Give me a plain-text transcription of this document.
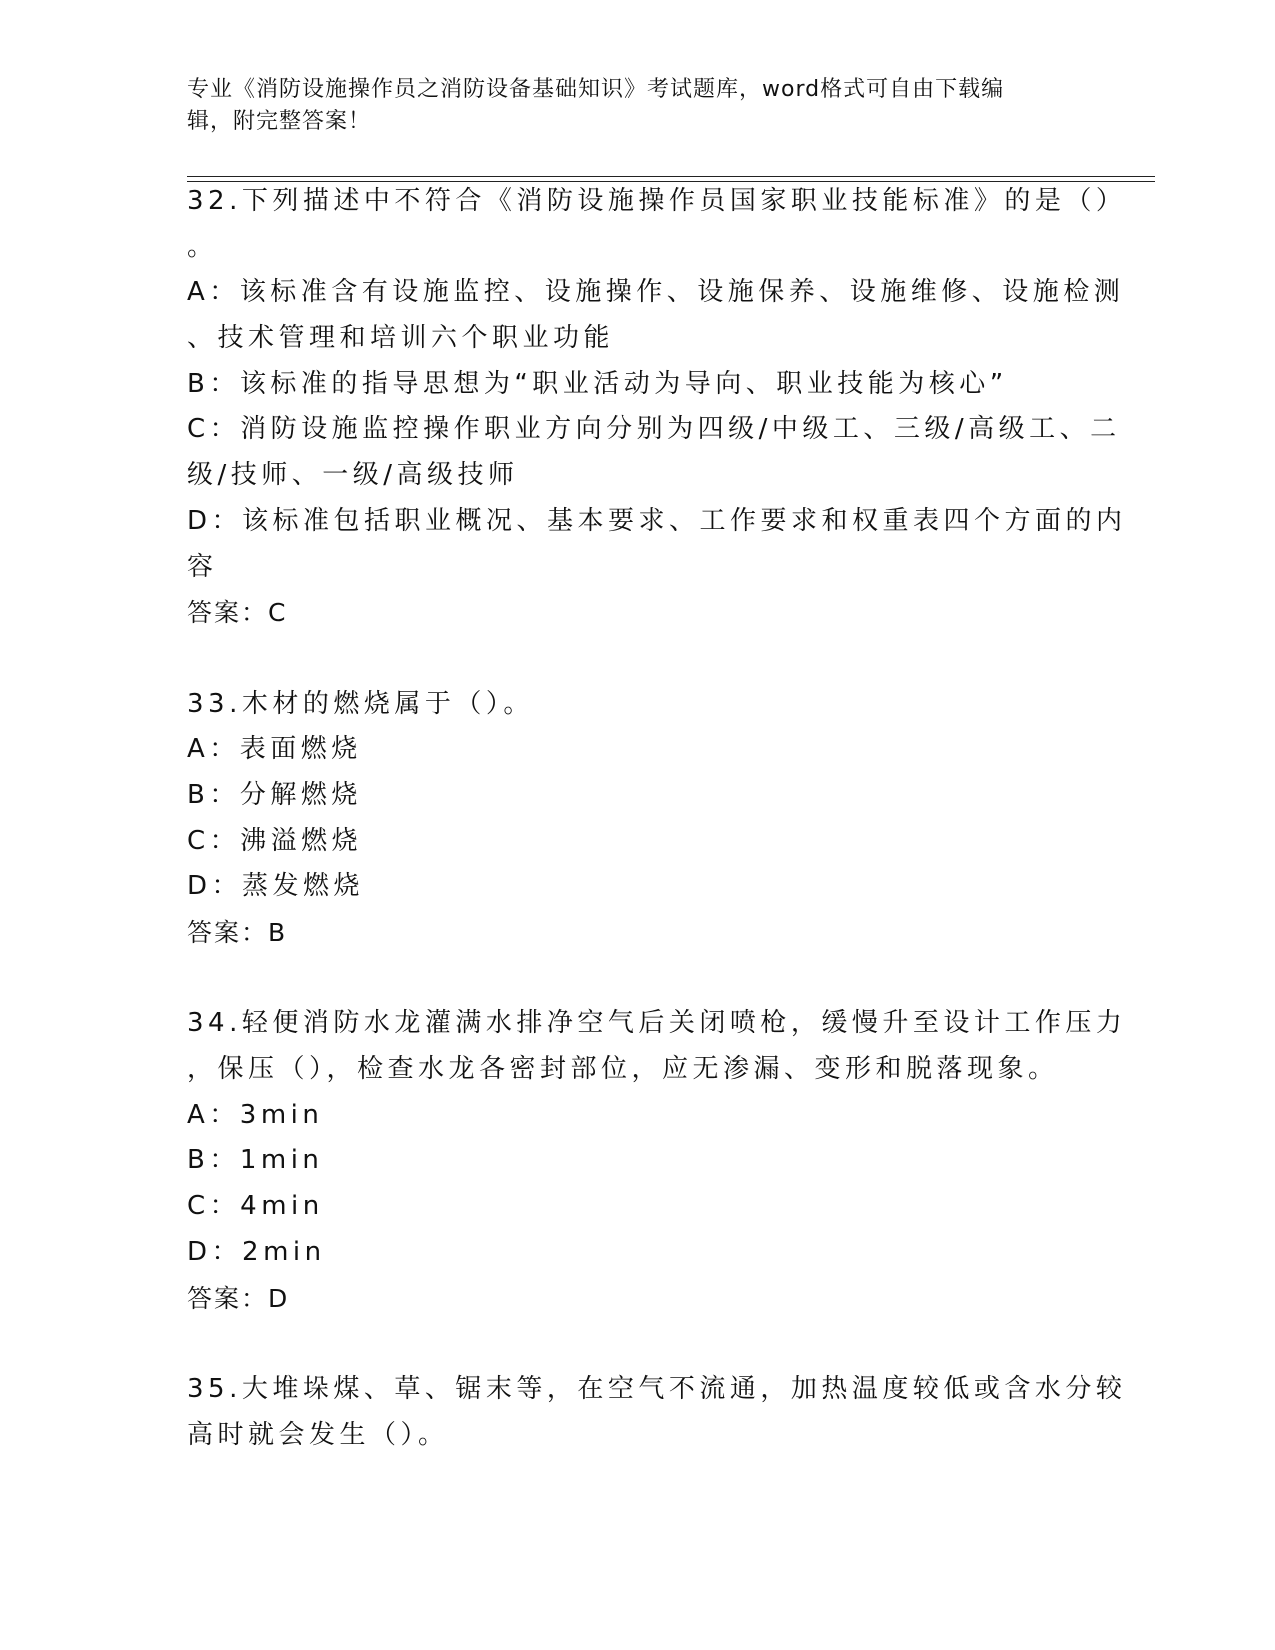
专业《消防设施操作员之消防设备基础知识》考试题库，word格式可自由下载编
辑，附完整答案！
32.下列描述中不符合《消防设施操作员国家职业技能标准》的是（）
。
A：该标准含有设施监控、设施操作、设施保养、设施维修、设施检测
、技术管理和培训六个职业功能
B：该标准的指导思想为“职业活动为导向、职业技能为核心”
C：消防设施监控操作职业方向分别为四级/中级工、三级/高级工、二
级/技师、一级/高级技师
D：该标准包括职业概况、基本要求、工作要求和权重表四个方面的内
容
答案：C
33.木材的燃烧属于（）。
A：表面燃烧
B：分解燃烧
C：沸溢燃烧
D：蒸发燃烧
答案：B
34.轻便消防水龙灌满水排净空气后关闭喷枪，缓慢升至设计工作压力
，保压（），检查水龙各密封部位，应无渗漏、变形和脱落现象。
A：3min
B：1min
C：4min
D：2min
答案：D
35.大堆垛煤、草、锯末等，在空气不流通，加热温度较低或含水分较
高时就会发生（）。
